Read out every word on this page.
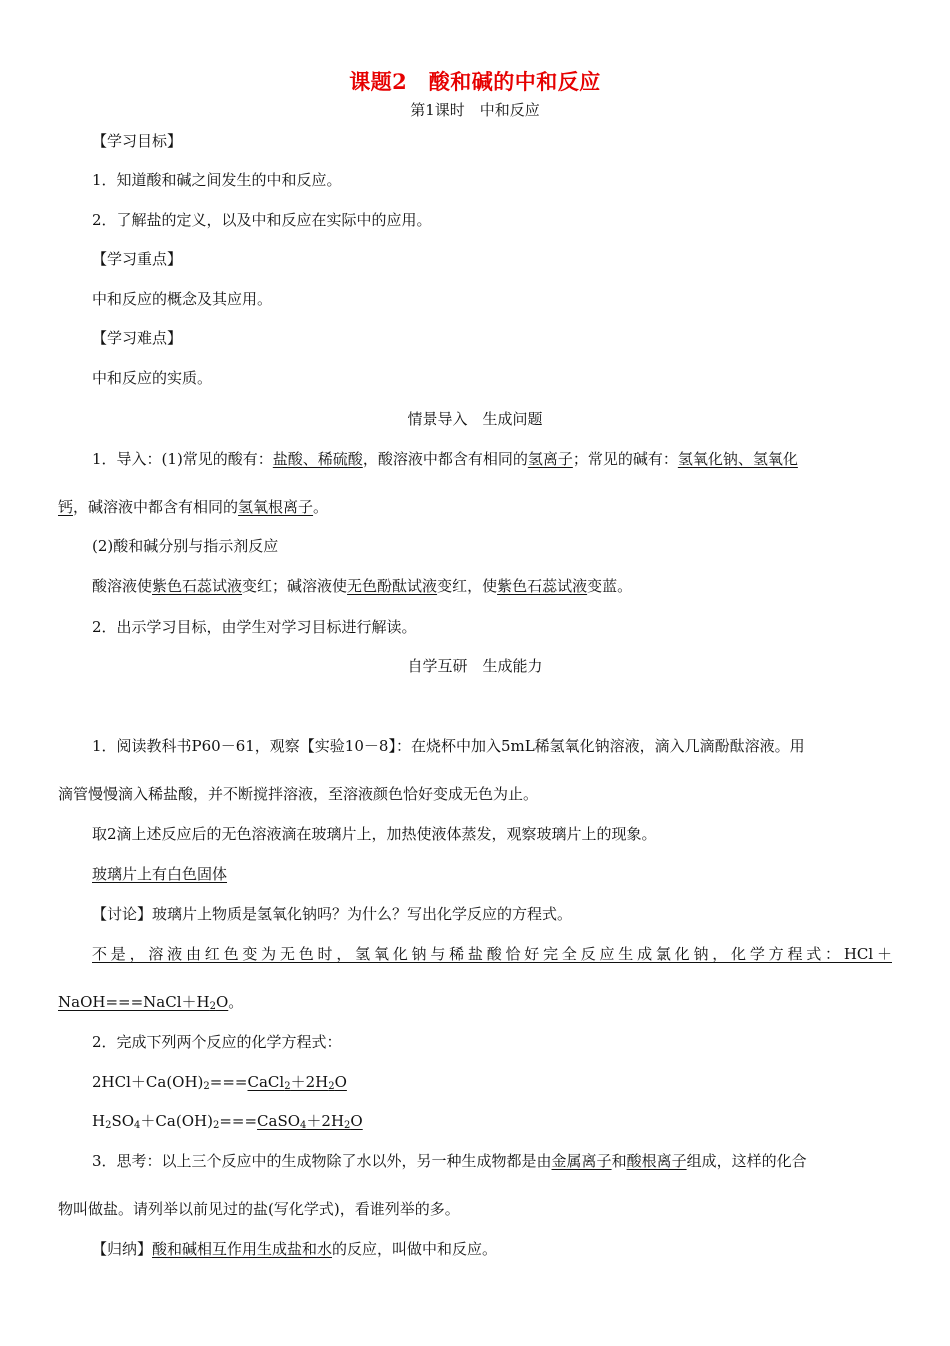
课题2　酸和碱的中和反应
第1课时　中和反应
【学习目标】
1．知道酸和碱之间发生的中和反应。
2．了解盐的定义，以及中和反应在实际中的应用。
【学习重点】
中和反应的概念及其应用。
【学习难点】
中和反应的实质。
情景导入　生成问题
1．导入：(1)常见的酸有：盐酸、稀硫酸，酸溶液中都含有相同的氢离子；常见的碱有：氢氧化钠、氢氧化
钙，碱溶液中都含有相同的氢氧根离子。
(2)酸和碱分别与指示剂反应
酸溶液使紫色石蕊试液变红；碱溶液使无色酚酞试液变红，使紫色石蕊试液变蓝。
2．出示学习目标，由学生对学习目标进行解读。
自学互研　生成能力
1．阅读教科书P60－61，观察【实验10－8】：在烧杯中加入5mL稀氢氧化钠溶液，滴入几滴酚酞溶液。用
滴管慢慢滴入稀盐酸，并不断搅拌溶液，至溶液颜色恰好变成无色为止。
取2滴上述反应后的无色溶液滴在玻璃片上，加热使液体蒸发，观察玻璃片上的现象。
玻璃片上有白色固体
【讨论】玻璃片上物质是氢氧化钠吗？为什么？写出化学反应的方程式。
不是，溶液由红色变为无色时，氢氧化钠与稀盐酸恰好完全反应生成氯化钠，化学方程式：HCl＋
$NaOH===NaCl+H_2O$。
2．完成下列两个反应的化学方程式：
$2HCl+Ca(OH)_2===CaCl_2+2H_2O$
$H_2SO_4+Ca(OH)_2===CaSO_4+2H_2O$
3．思考：以上三个反应中的生成物除了水以外，另一种生成物都是由金属离子和酸根离子组成，这样的化合
物叫做盐。请列举以前见过的盐(写化学式)，看谁列举的多。
【归纳】酸和碱相互作用生成盐和水的反应，叫做中和反应。
